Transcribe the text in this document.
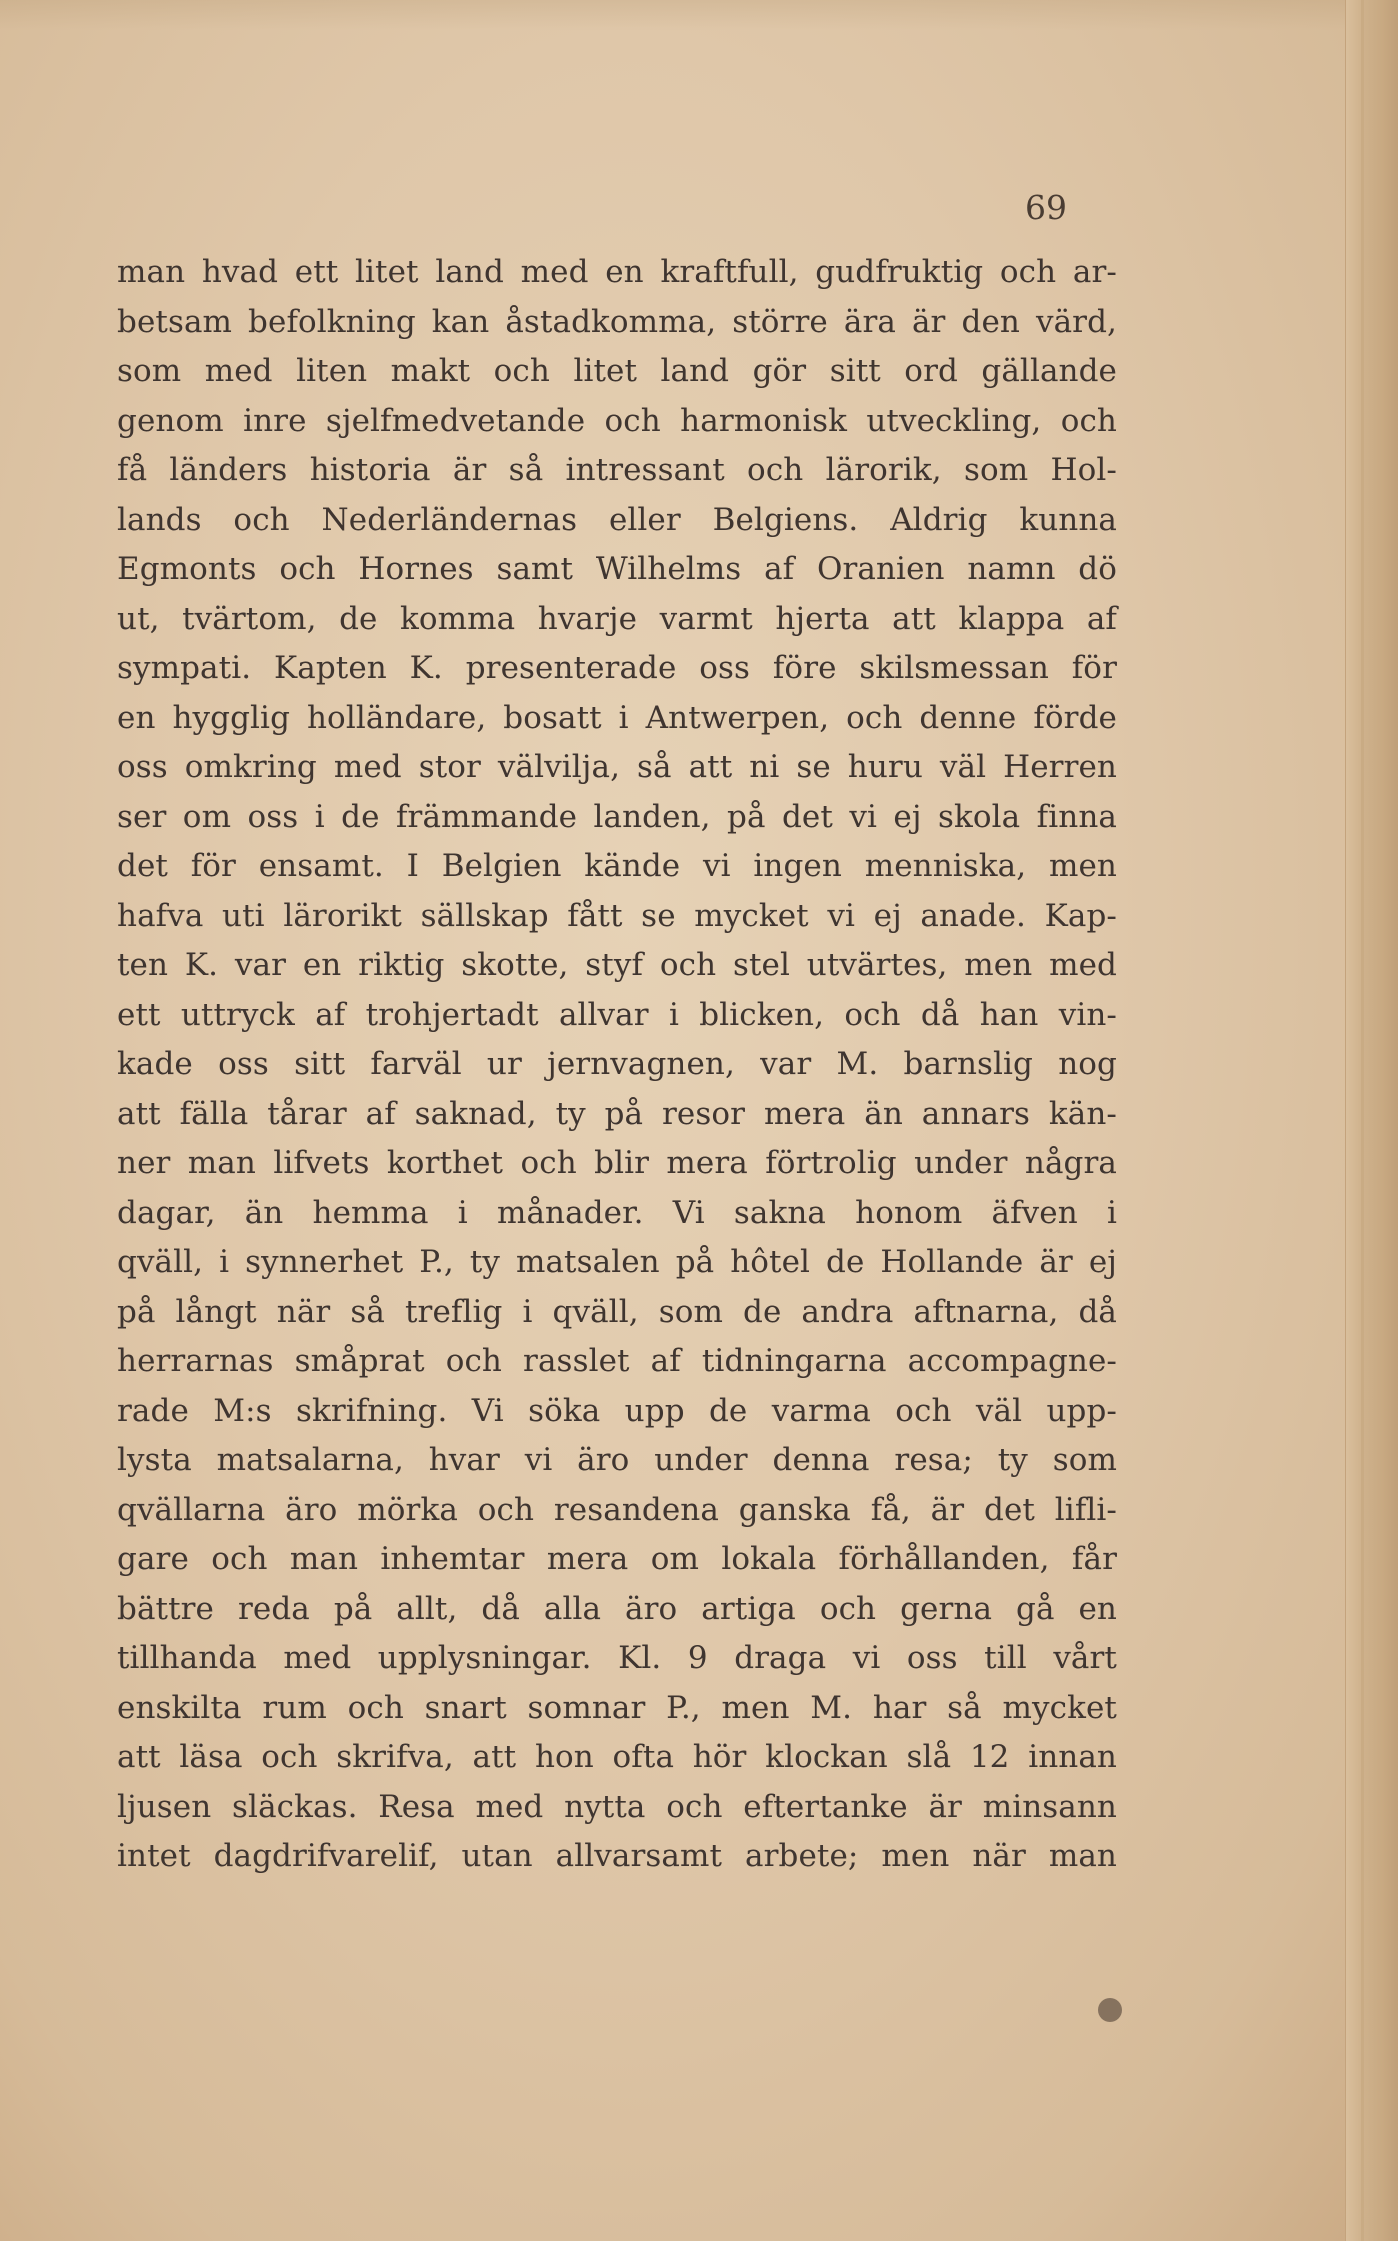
69
man hvad ett litet land med en kraftfull, gudfruktig och ar-
betsam befolkning kan åstadkomma, större ära är den värd,
som med liten makt och litet land gör sitt ord gällande
genom inre sjelfmedvetande och harmonisk utveckling, och
få länders historia är så intressant och lärorik, som Hol-
lands och Nederländernas eller Belgiens. Aldrig kunna
Egmonts och Hornes samt Wilhelms af Oranien namn dö
ut, tvärtom, de komma hvarje varmt hjerta att klappa af
sympati. Kapten K. presenterade oss före skilsmessan för
en hygglig holländare, bosatt i Antwerpen, och denne förde
oss omkring med stor välvilja, så att ni se huru väl Herren
ser om oss i de främmande landen, på det vi ej skola finna
det för ensamt. I Belgien kände vi ingen menniska, men
hafva uti lärorikt sällskap fått se mycket vi ej anade. Kap-
ten K. var en riktig skotte, styf och stel utvärtes, men med
ett uttryck af trohjertadt allvar i blicken, och då han vin-
kade oss sitt farväl ur jernvagnen, var M. barnslig nog
att fälla tårar af saknad, ty på resor mera än annars kän-
ner man lifvets korthet och blir mera förtrolig under några
dagar, än hemma i månader. Vi sakna honom äfven i
qväll, i synnerhet P., ty matsalen på hôtel de Hollande är ej
på långt när så treflig i qväll, som de andra aftnarna, då
herrarnas småprat och rasslet af tidningarna accompagne-
rade M:s skrifning. Vi söka upp de varma och väl upp-
lysta matsalarna, hvar vi äro under denna resa; ty som
qvällarna äro mörka och resandena ganska få, är det lifli-
gare och man inhemtar mera om lokala förhållanden, får
bättre reda på allt, då alla äro artiga och gerna gå en
tillhanda med upplysningar. Kl. 9 draga vi oss till vårt
enskilta rum och snart somnar P., men M. har så mycket
att läsa och skrifva, att hon ofta hör klockan slå 12 innan
ljusen släckas. Resa med nytta och eftertanke är minsann
intet dagdrifvarelif, utan allvarsamt arbete; men när man
